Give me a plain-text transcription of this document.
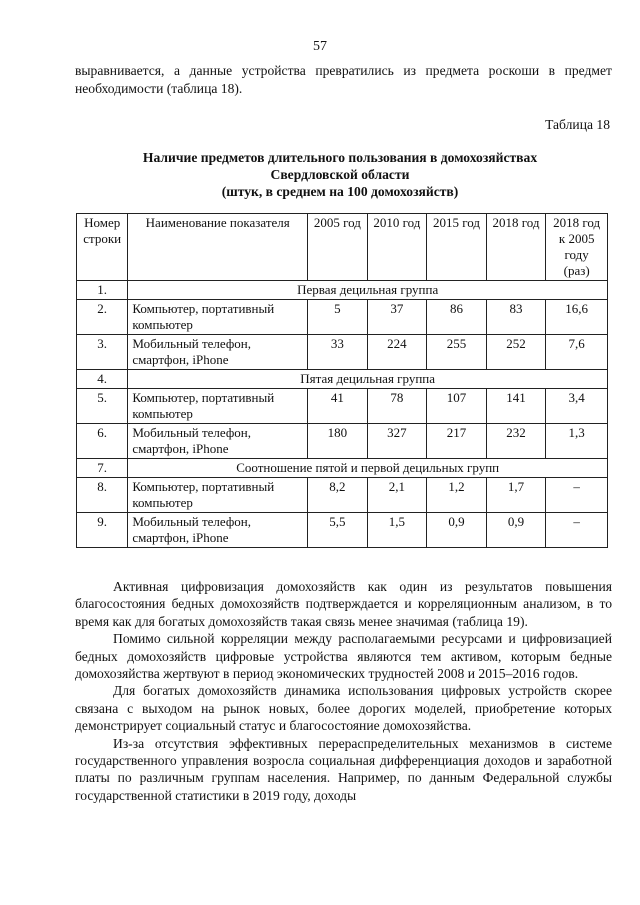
57

выравнивается, а данные устройства превратились из предмета роскоши в предмет необходимости (таблица 18).

Таблица 18
Наличие предметов длительного пользования в домохозяйствах
Свердловской области
(штук, в среднем на 100 домохозяйств)
Номер строки	Наименование показателя	2005 год	2010 год	2015 год	2018 год	2018 год к 2005 году (раз)
1.	Первая децильная группа					
2.	Компьютер, портативный компьютер	5	37	86	83	16,6
3.	Мобильный телефон, смартфон, iPhone	33	224	255	252	7,6
4.	Пятая децильная группа					
5.	Компьютер, портативный компьютер	41	78	107	141	3,4
6.	Мобильный телефон, смартфон, iPhone	180	327	217	232	1,3
7.	Соотношение пятой и первой децильных групп					
8.	Компьютер, портативный компьютер	8,2	2,1	1,2	1,7	–
9.	Мобильный телефон, смартфон, iPhone	5,5	1,5	0,9	0,9	–

Активная цифровизация домохозяйств как один из результатов повышения благосостояния бедных домохозяйств подтверждается и корреляционным анализом, в то время как для богатых домохозяйств такая связь менее значимая (таблица 19).

Помимо сильной корреляции между располагаемыми ресурсами и цифровизацией бедных домохозяйств цифровые устройства являются тем активом, которым бедные домохозяйства жертвуют в период экономических трудностей 2008 и 2015–2016 годов.

Для богатых домохозяйств динамика использования цифровых устройств скорее связана с выходом на рынок новых, более дорогих моделей, приобретение которых демонстрирует социальный статус и благосостояние домохозяйства.

Из-за отсутствия эффективных перераспределительных механизмов в системе государственного управления возросла социальная дифференциация доходов и заработной платы по различным группам населения. Например, по данным Федеральной службы государственной статистики в 2019 году, доходы
